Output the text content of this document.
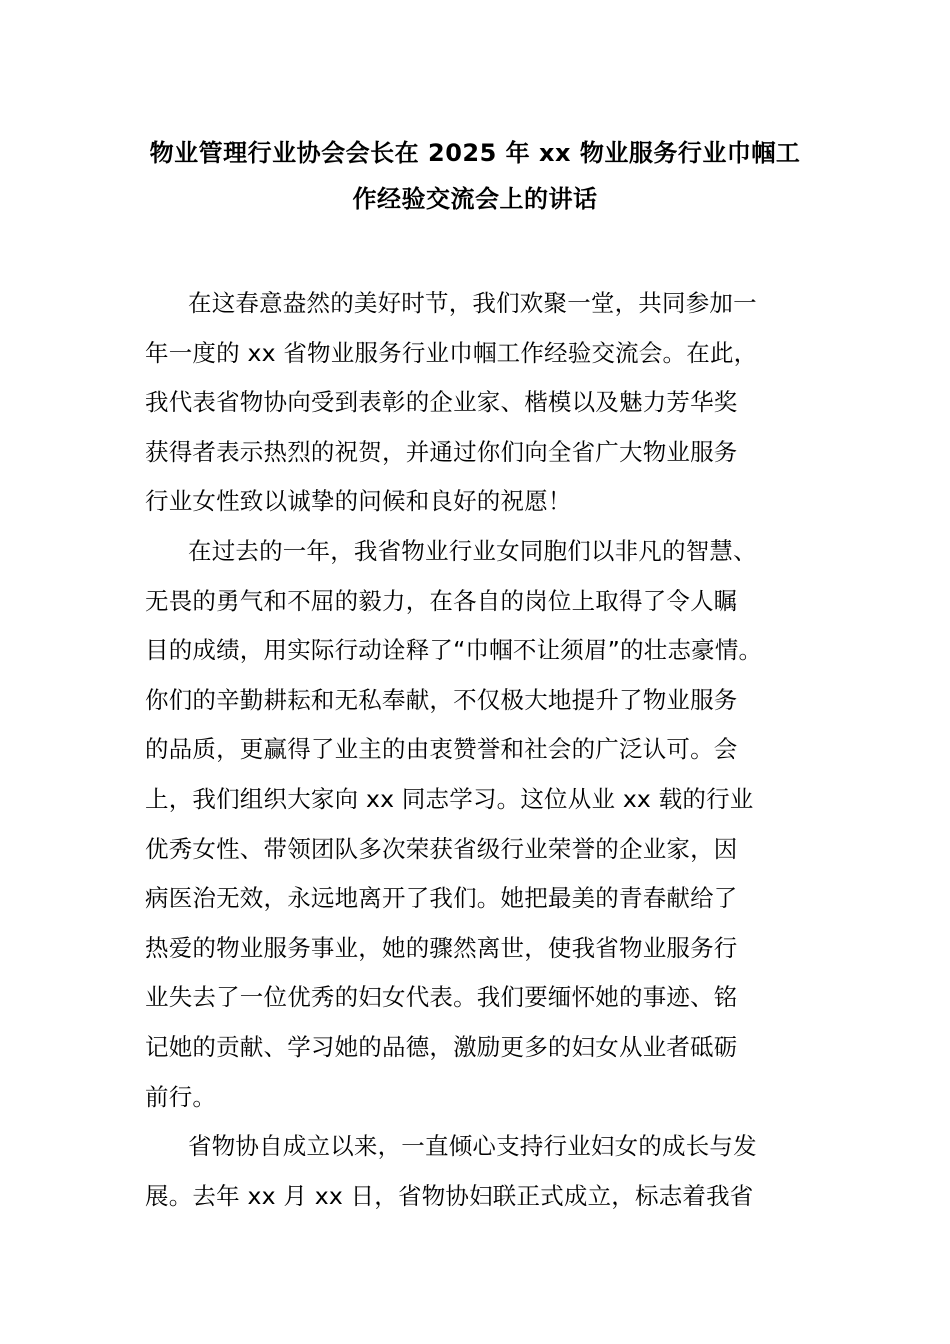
物业管理行业协会会长在 2025 年 xx 物业服务行业巾帼工
作经验交流会上的讲话
在这春意盎然的美好时节，我们欢聚一堂，共同参加一
年一度的 xx 省物业服务行业巾帼工作经验交流会。在此，
我代表省物协向受到表彰的企业家、楷模以及魅力芳华奖
获得者表示热烈的祝贺，并通过你们向全省广大物业服务
行业女性致以诚挚的问候和良好的祝愿！
在过去的一年，我省物业行业女同胞们以非凡的智慧、
无畏的勇气和不屈的毅力，在各自的岗位上取得了令人瞩
目的成绩，用实际行动诠释了“巾帼不让须眉”的壮志豪情。
你们的辛勤耕耘和无私奉献，不仅极大地提升了物业服务
的品质，更赢得了业主的由衷赞誉和社会的广泛认可。会
上，我们组织大家向 xx 同志学习。这位从业 xx 载的行业
优秀女性、带领团队多次荣获省级行业荣誉的企业家，因
病医治无效，永远地离开了我们。她把最美的青春献给了
热爱的物业服务事业，她的骤然离世，使我省物业服务行
业失去了一位优秀的妇女代表。我们要缅怀她的事迹、铭
记她的贡献、学习她的品德，激励更多的妇女从业者砥砺
前行。
省物协自成立以来，一直倾心支持行业妇女的成长与发
展。去年 xx 月 xx 日，省物协妇联正式成立，标志着我省
